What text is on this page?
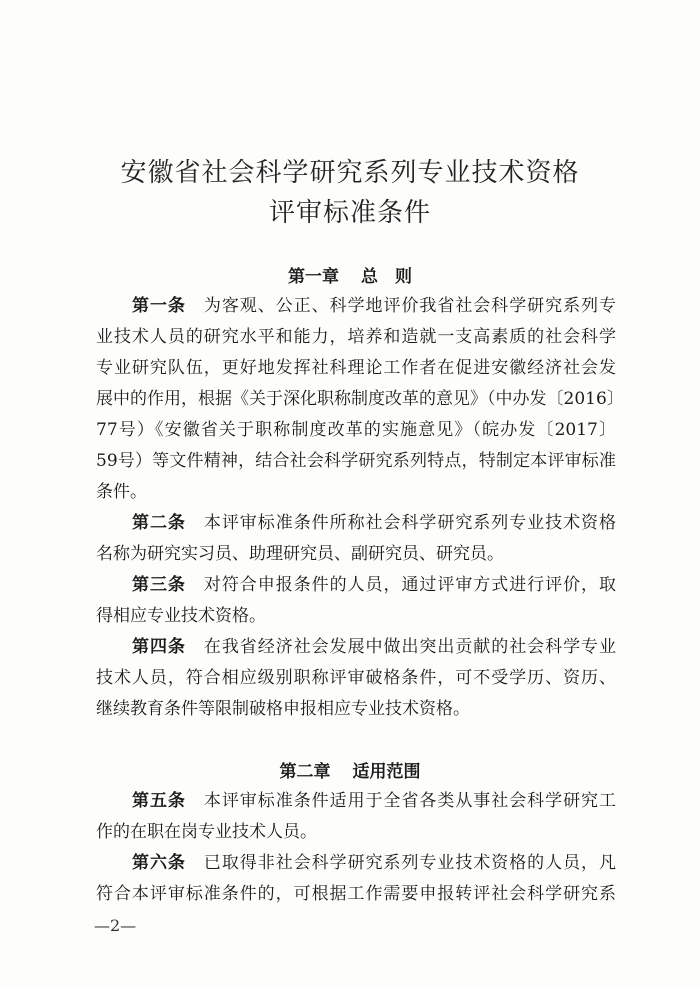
安徽省社会科学研究系列专业技术资格
评审标准条件
第一章 总　则
第一条 为客观、公正、科学地评价我省社会科学研究系列专
业技术人员的研究水平和能力，培养和造就一支高素质的社会科学
专业研究队伍，更好地发挥社科理论工作者在促进安徽经济社会发
展中的作用，根据《关于深化职称制度改革的意见》（中办发〔2016〕
77号）《安徽省关于职称制度改革的实施意见》（皖办发〔2017〕
59号）等文件精神，结合社会科学研究系列特点，特制定本评审标准
条件。
第二条 本评审标准条件所称社会科学研究系列专业技术资格
名称为研究实习员、助理研究员、副研究员、研究员。
第三条 对符合申报条件的人员，通过评审方式进行评价，取
得相应专业技术资格。
第四条 在我省经济社会发展中做出突出贡献的社会科学专业
技术人员，符合相应级别职称评审破格条件，可不受学历、资历、
继续教育条件等限制破格申报相应专业技术资格。
第二章 适用范围
第五条 本评审标准条件适用于全省各类从事社会科学研究工
作的在职在岗专业技术人员。
第六条 已取得非社会科学研究系列专业技术资格的人员，凡
符合本评审标准条件的，可根据工作需要申报转评社会科学研究系
—2—
